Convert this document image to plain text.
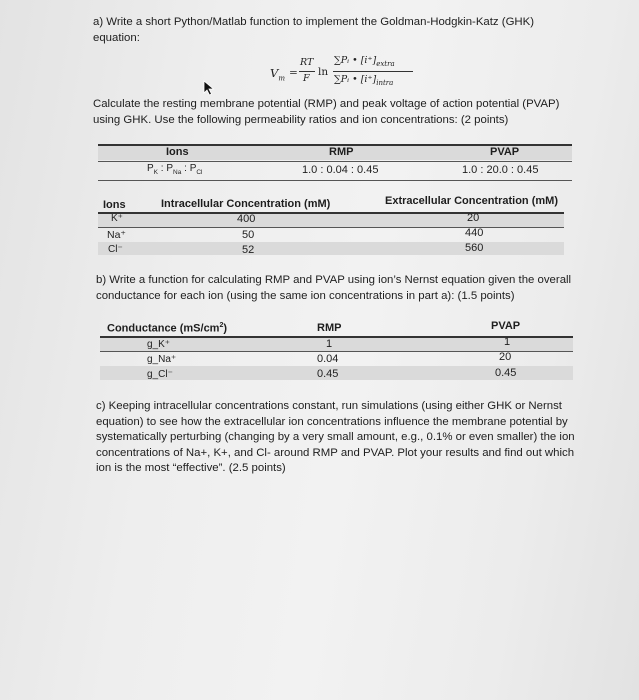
a) Write a short Python/Matlab function to implement the Goldman-Hodgkin-Katz (GHK) equation:
$V_m$ =
RT
F
ln
∑Pᵢ • $[i^+]_{extra}$
∑Pᵢ • $[i^+]_{intra}$
Calculate the resting membrane potential (RMP) and peak voltage of action potential (PVAP) using GHK. Use the following permeability ratios and ion concentrations: (2 points)
Ions	RMP	PVAP
$P_K$ : $P_{Na}$ : $P_{Cl}$	1.0 : 0.04 : 0.45	1.0 : 20.0 : 0.45
Ions	Intracellular Concentration (mM)	Extracellular Concentration (mM)
K⁺	400	20
Na⁺	50	440
Cl⁻	52	560
b) Write a function for calculating RMP and PVAP using ion’s Nernst equation given the overall conductance for each ion (using the same ion concentrations in part a): (1.5 points)
Conductance $(mS/cm^2)$	RMP	PVAP
g_K⁺	1	1
g_Na⁺	0.04	20
g_Cl⁻	0.45	0.45
c) Keeping intracellular concentrations constant, run simulations (using either GHK or Nernst equation) to see how the extracellular ion concentrations influence the membrane potential by systematically perturbing (changing by a very small amount, e.g., 0.1% or even smaller) the ion concentrations of Na+, K+, and Cl- around RMP and PVAP. Plot your results and find out which ion is the most “effective”. (2.5 points)
